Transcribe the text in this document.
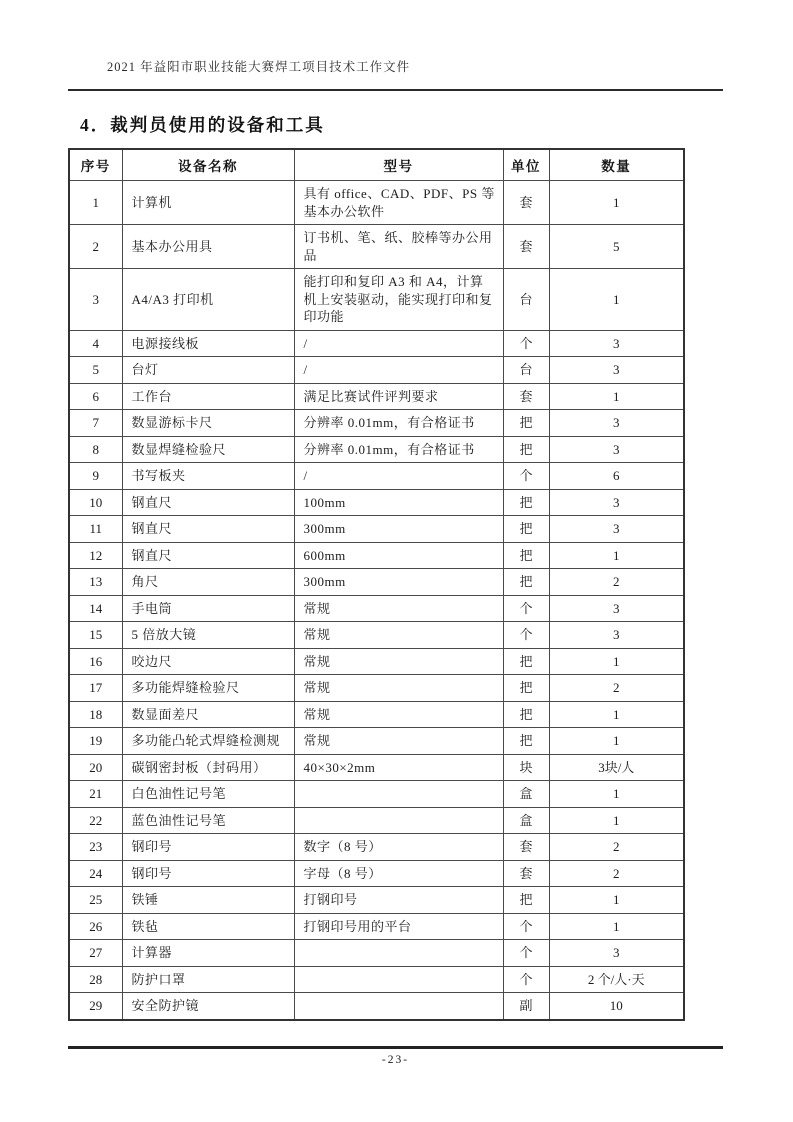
2021 年益阳市职业技能大赛焊工项目技术工作文件
4．裁判员使用的设备和工具
序号	设备名称	型号	单位	数量
1	计算机	具有 office、CAD、PDF、PS 等基本办公软件	套	1
2	基本办公用具	订书机、笔、纸、胶棒等办公用品	套	5
3	A4/A3 打印机	能打印和复印 A3 和 A4，计算机上安装驱动，能实现打印和复印功能	台	1
4	电源接线板	/	个	3
5	台灯	/	台	3
6	工作台	满足比赛试件评判要求	套	1
7	数显游标卡尺	分辨率 0.01mm，有合格证书	把	3
8	数显焊缝检验尺	分辨率 0.01mm，有合格证书	把	3
9	书写板夹	/	个	6
10	钢直尺	100mm	把	3
11	钢直尺	300mm	把	3
12	钢直尺	600mm	把	1
13	角尺	300mm	把	2
14	手电筒	常规	个	3
15	5 倍放大镜	常规	个	3
16	咬边尺	常规	把	1
17	多功能焊缝检验尺	常规	把	2
18	数显面差尺	常规	把	1
19	多功能凸轮式焊缝检测规	常规	把	1
20	碳钢密封板（封码用）	40×30×2mm	块	3块/人
21	白色油性记号笔		盒	1
22	蓝色油性记号笔		盒	1
23	钢印号	数字（8 号）	套	2
24	钢印号	字母（8 号）	套	2
25	铁锤	打钢印号	把	1
26	铁毡	打钢印号用的平台	个	1
27	计算器		个	3
28	防护口罩		个	2 个/人·天
29	安全防护镜		副	10
-23-
